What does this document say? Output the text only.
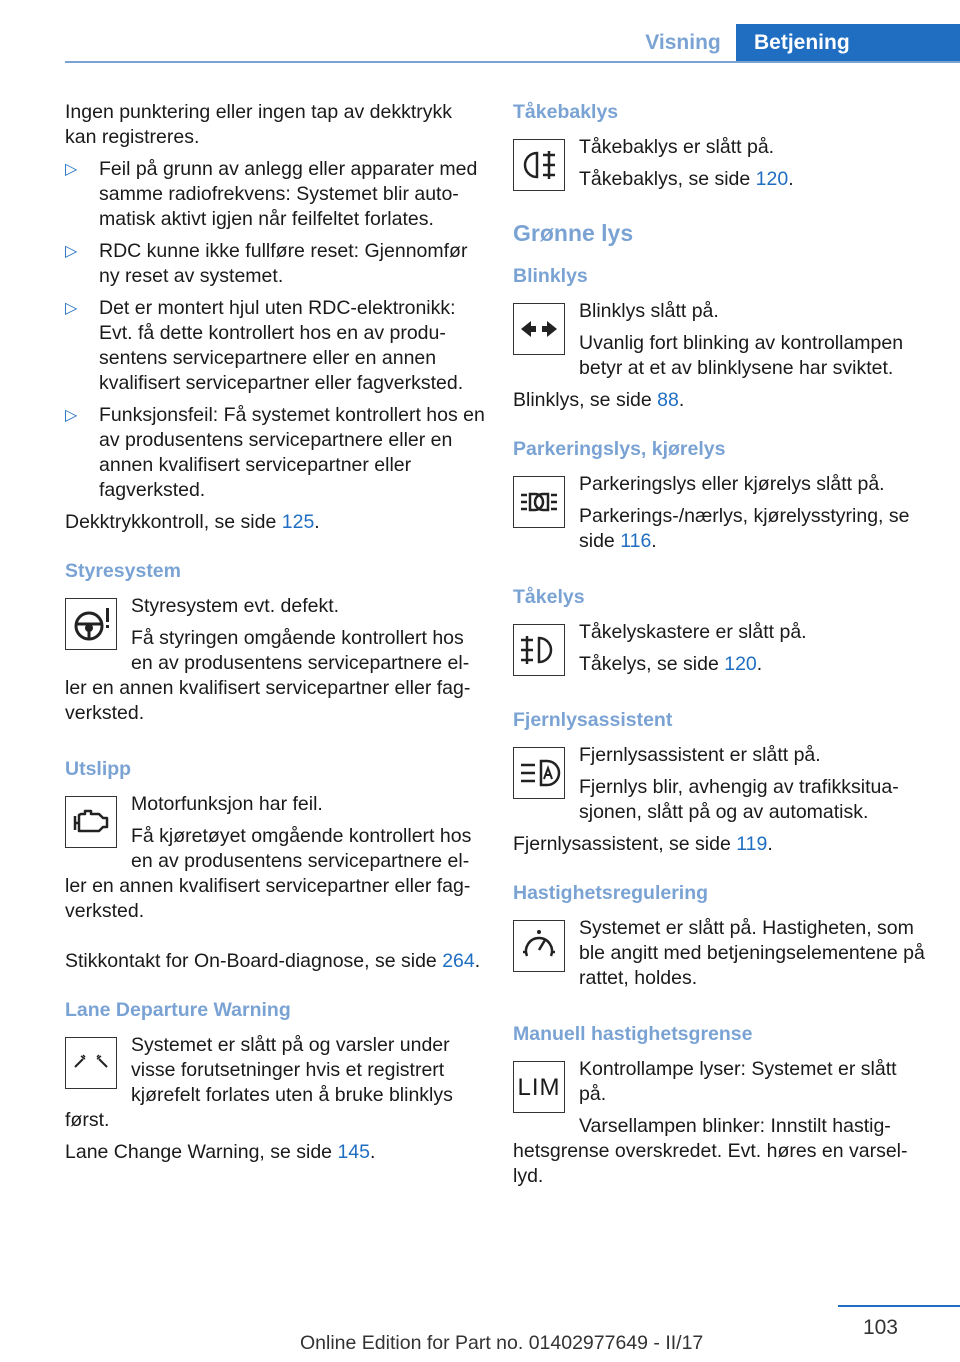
Visning	Betjening

Ingen punktering eller ingen tap av dekktrykk kan registreres.

▷ Feil på grunn av anlegg eller apparater med samme radiofrekvens: Systemet blir auto-matisk aktivt igjen når feilfeltet forlates.
▷ RDC kunne ikke fullføre reset: Gjennomfør ny reset av systemet.
▷ Det er montert hjul uten RDC-elektronikk: Evt. få dette kontrollert hos en av produ-sentens servicepartnere eller en annen kvalifisert servicepartner eller fagverksted.
▷ Funksjonsfeil: Få systemet kontrollert hos en av produsentens servicepartnere eller en annen kvalifisert servicepartner eller fagverksted.

Dekktrykkontroll, se side 125.

Styresystem

Styresystem evt. defekt.

Få styringen omgående kontrollert hos en av produsentens servicepartnere el-ler en annen kvalifisert servicepartner eller fag-verksted.

Utslipp

Motorfunksjon har feil.

Få kjøretøyet omgående kontrollert hos en av produsentens servicepartnere el-ler en annen kvalifisert servicepartner eller fag-verksted.

Stikkontakt for On-Board-diagnose, se side 264.

Lane Departure Warning

Systemet er slått på og varsler under visse forutsetninger hvis et registrert kjørefelt forlates uten å bruke blinklys først.

Lane Change Warning, se side 145.

Tåkebaklys

Tåkebaklys er slått på.

Tåkebaklys, se side 120.

Grønne lys
Blinklys

Blinklys slått på.

Uvanlig fort blinking av kontrollampen betyr at et av blinklysene har sviktet.

Blinklys, se side 88.

Parkeringslys, kjørelys

Parkeringslys eller kjørelys slått på.

Parkerings-/nærlys, kjørelysstyring, se side 116.

Tåkelys

Tåkelyskastere er slått på.

Tåkelys, se side 120.

Fjernlysassistent

Fjernlysassistent er slått på.

Fjernlys blir, avhengig av trafikksitua-sjonen, slått på og av automatisk.

Fjernlysassistent, se side 119.

Hastighetsregulering

Systemet er slått på. Hastigheten, som ble angitt med betjeningselementene på rattet, holdes.

Manuell hastighetsgrense
LIM

Kontrollampe lyser: Systemet er slått på.

Varsellampen blinker: Innstilt hastig-hetsgrense overskredet. Evt. høres en varsel-lyd.

103
Online Edition for Part no. 01402977649 - II/17
